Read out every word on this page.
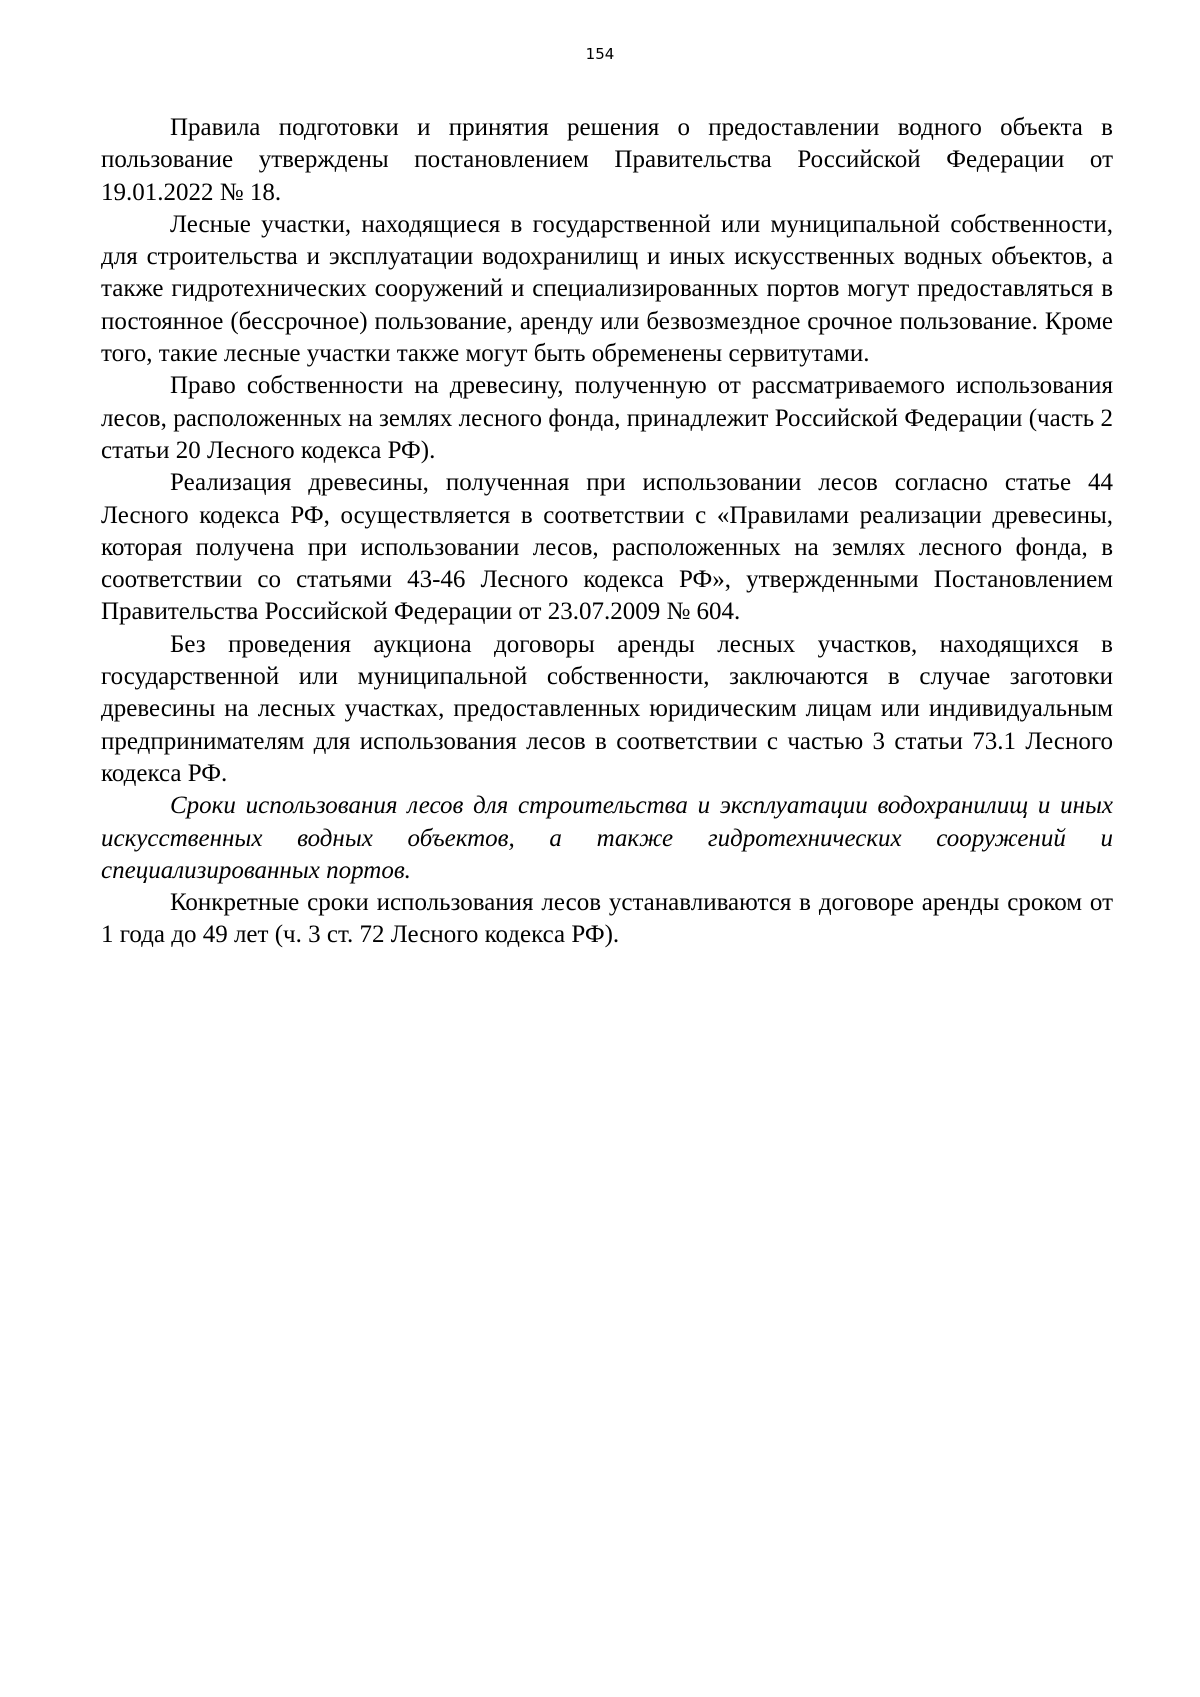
154

Правила подготовки и принятия решения о предоставлении водного объекта в пользование утверждены постановлением Правительства Российской Федерации от 19.01.2022 № 18.

Лесные участки, находящиеся в государственной или муниципальной собственности, для строительства и эксплуатации водохранилищ и иных искусственных водных объектов, а также гидротехнических сооружений и специализированных портов могут предоставляться в постоянное (бессрочное) пользование, аренду или безвозмездное срочное пользование. Кроме того, такие лесные участки также могут быть обременены сервитутами.

Право собственности на древесину, полученную от рассматриваемого использования лесов, расположенных на землях лесного фонда, принадлежит Российской Федерации (часть 2 статьи 20 Лесного кодекса РФ).

Реализация древесины, полученная при использовании лесов согласно статье 44 Лесного кодекса РФ, осуществляется в соответствии с «Правилами реализации древесины, которая получена при использовании лесов, расположенных на землях лесного фонда, в соответствии со статьями 43-46 Лесного кодекса РФ», утвержденными Постановлением Правительства Российской Федерации от 23.07.2009 № 604.

Без проведения аукциона договоры аренды лесных участков, находящихся в государственной или муниципальной собственности, заключаются в случае заготовки древесины на лесных участках, предоставленных юридическим лицам или индивидуальным предпринимателям для использования лесов в соответствии с частью 3 статьи 73.1 Лесного кодекса РФ.

Сроки использования лесов для строительства и эксплуатации водохранилищ и иных искусственных водных объектов, а также гидротехнических сооружений и специализированных портов.

Конкретные сроки использования лесов устанавливаются в договоре аренды сроком от 1 года до 49 лет (ч. 3 ст. 72 Лесного кодекса РФ).
